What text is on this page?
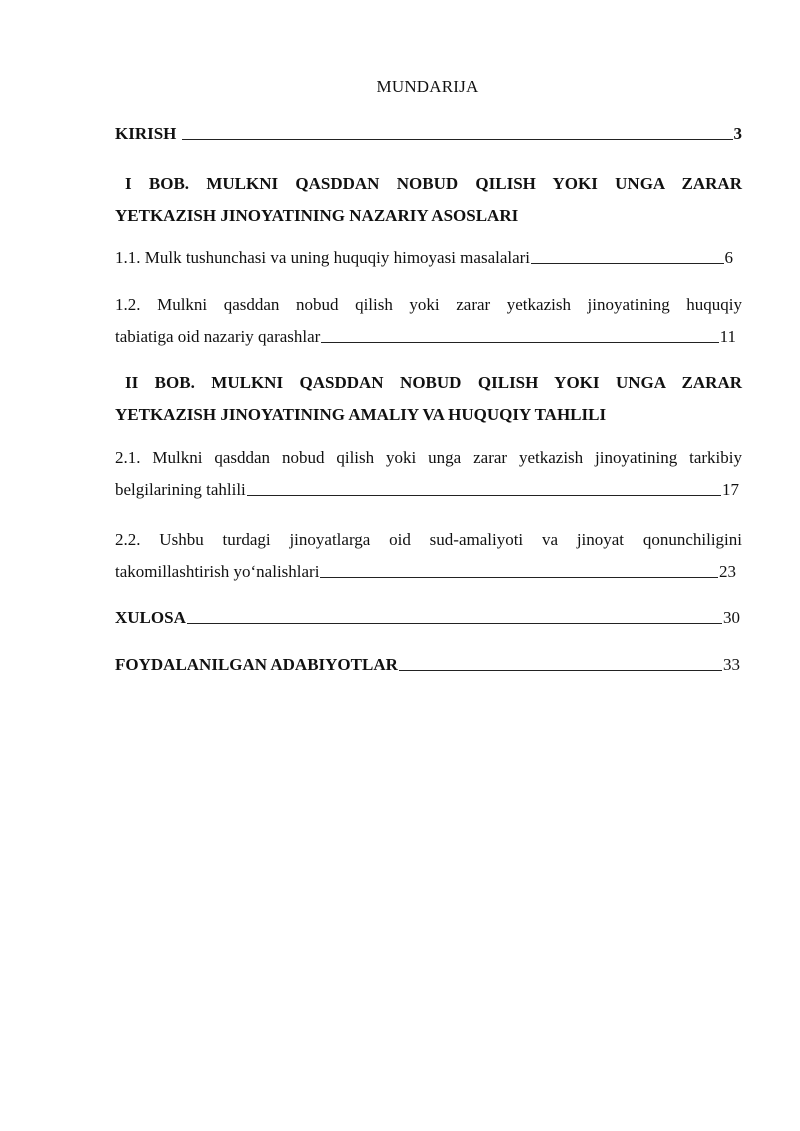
MUNDARIJA
KIRISH	3
I BOB. MULKNI QASDDAN NOBUD QILISH YOKI UNGA ZARAR
YETKAZISH JINOYATINING NAZARIY ASOSLARI
1.1. Mulk tushunchasi va uning huquqiy himoyasi masalalari	6
1.2. Mulkni qasddan nobud qilish yoki zarar yetkazish jinoyatining huquqiy
tabiatiga oid nazariy qarashlar	11
II BOB. MULKNI QASDDAN NOBUD QILISH YOKI UNGA ZARAR
YETKAZISH JINOYATINING AMALIY VA HUQUQIY TAHLILI
2.1. Mulkni qasddan nobud qilish yoki unga zarar yetkazish jinoyatining tarkibiy
belgilarining tahlili	17
2.2. Ushbu turdagi jinoyatlarga oid sud-amaliyoti va jinoyat qonunchiligini
takomillashtirish yo‘nalishlari	23
XULOSA	30
FOYDALANILGAN ADABIYOTLAR	33
